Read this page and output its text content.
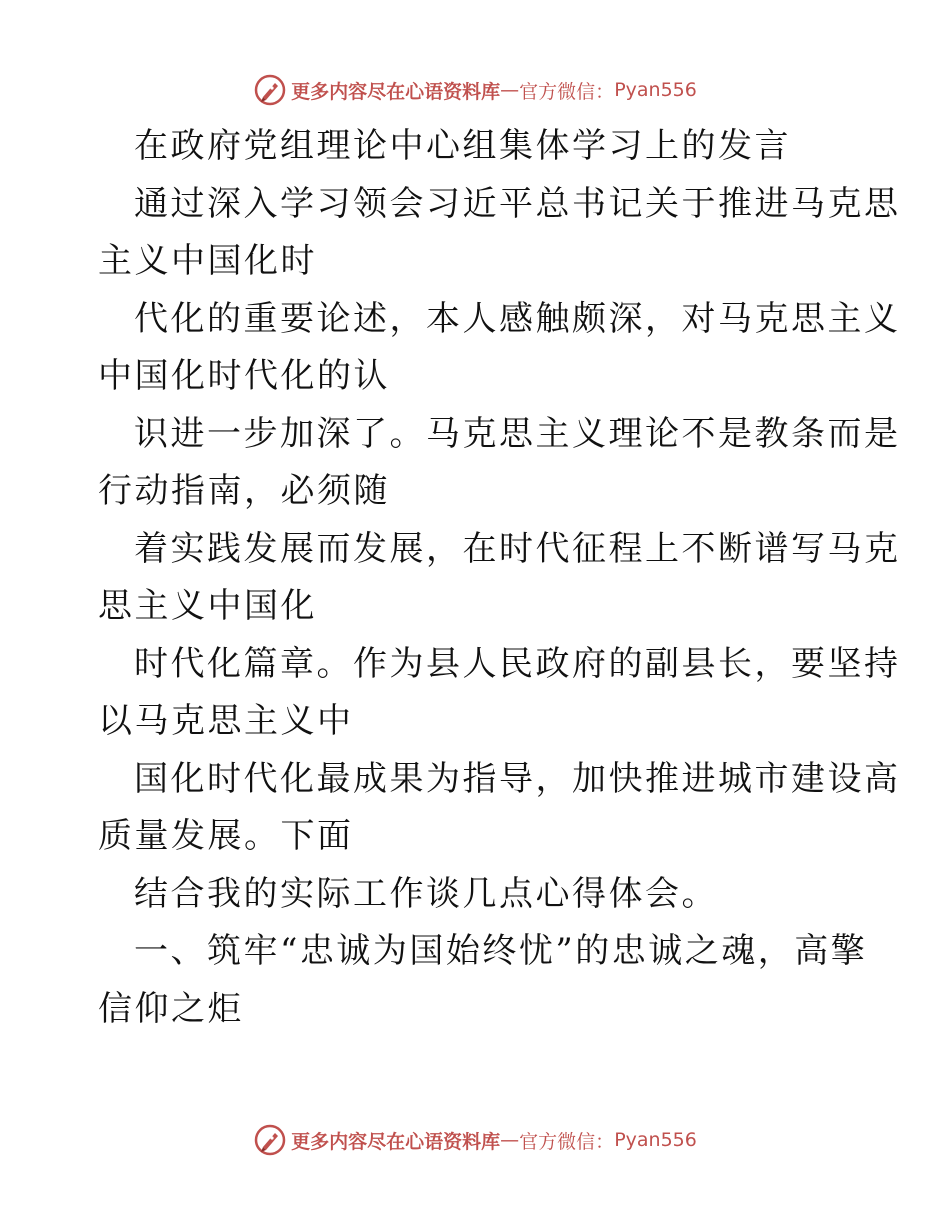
更多内容尽在心语资料库 — 官方微信： Pyan556
在政府党组理论中心组集体学习上的发言
通过深入学习领会习近平总书记关于推进马克思
主义中国化时
代化的重要论述，本人感触颇深，对马克思主义
中国化时代化的认
识进一步加深了。马克思主义理论不是教条而是
行动指南，必须随
着实践发展而发展，在时代征程上不断谱写马克
思主义中国化
时代化篇章。作为县人民政府的副县长，要坚持
以马克思主义中
国化时代化最成果为指导，加快推进城市建设高
质量发展。下面
结合我的实际工作谈几点心得体会。
一、筑牢“忠诚为国始终忧”的忠诚之魂，高擎
信仰之炬
更多内容尽在心语资料库 — 官方微信： Pyan556
